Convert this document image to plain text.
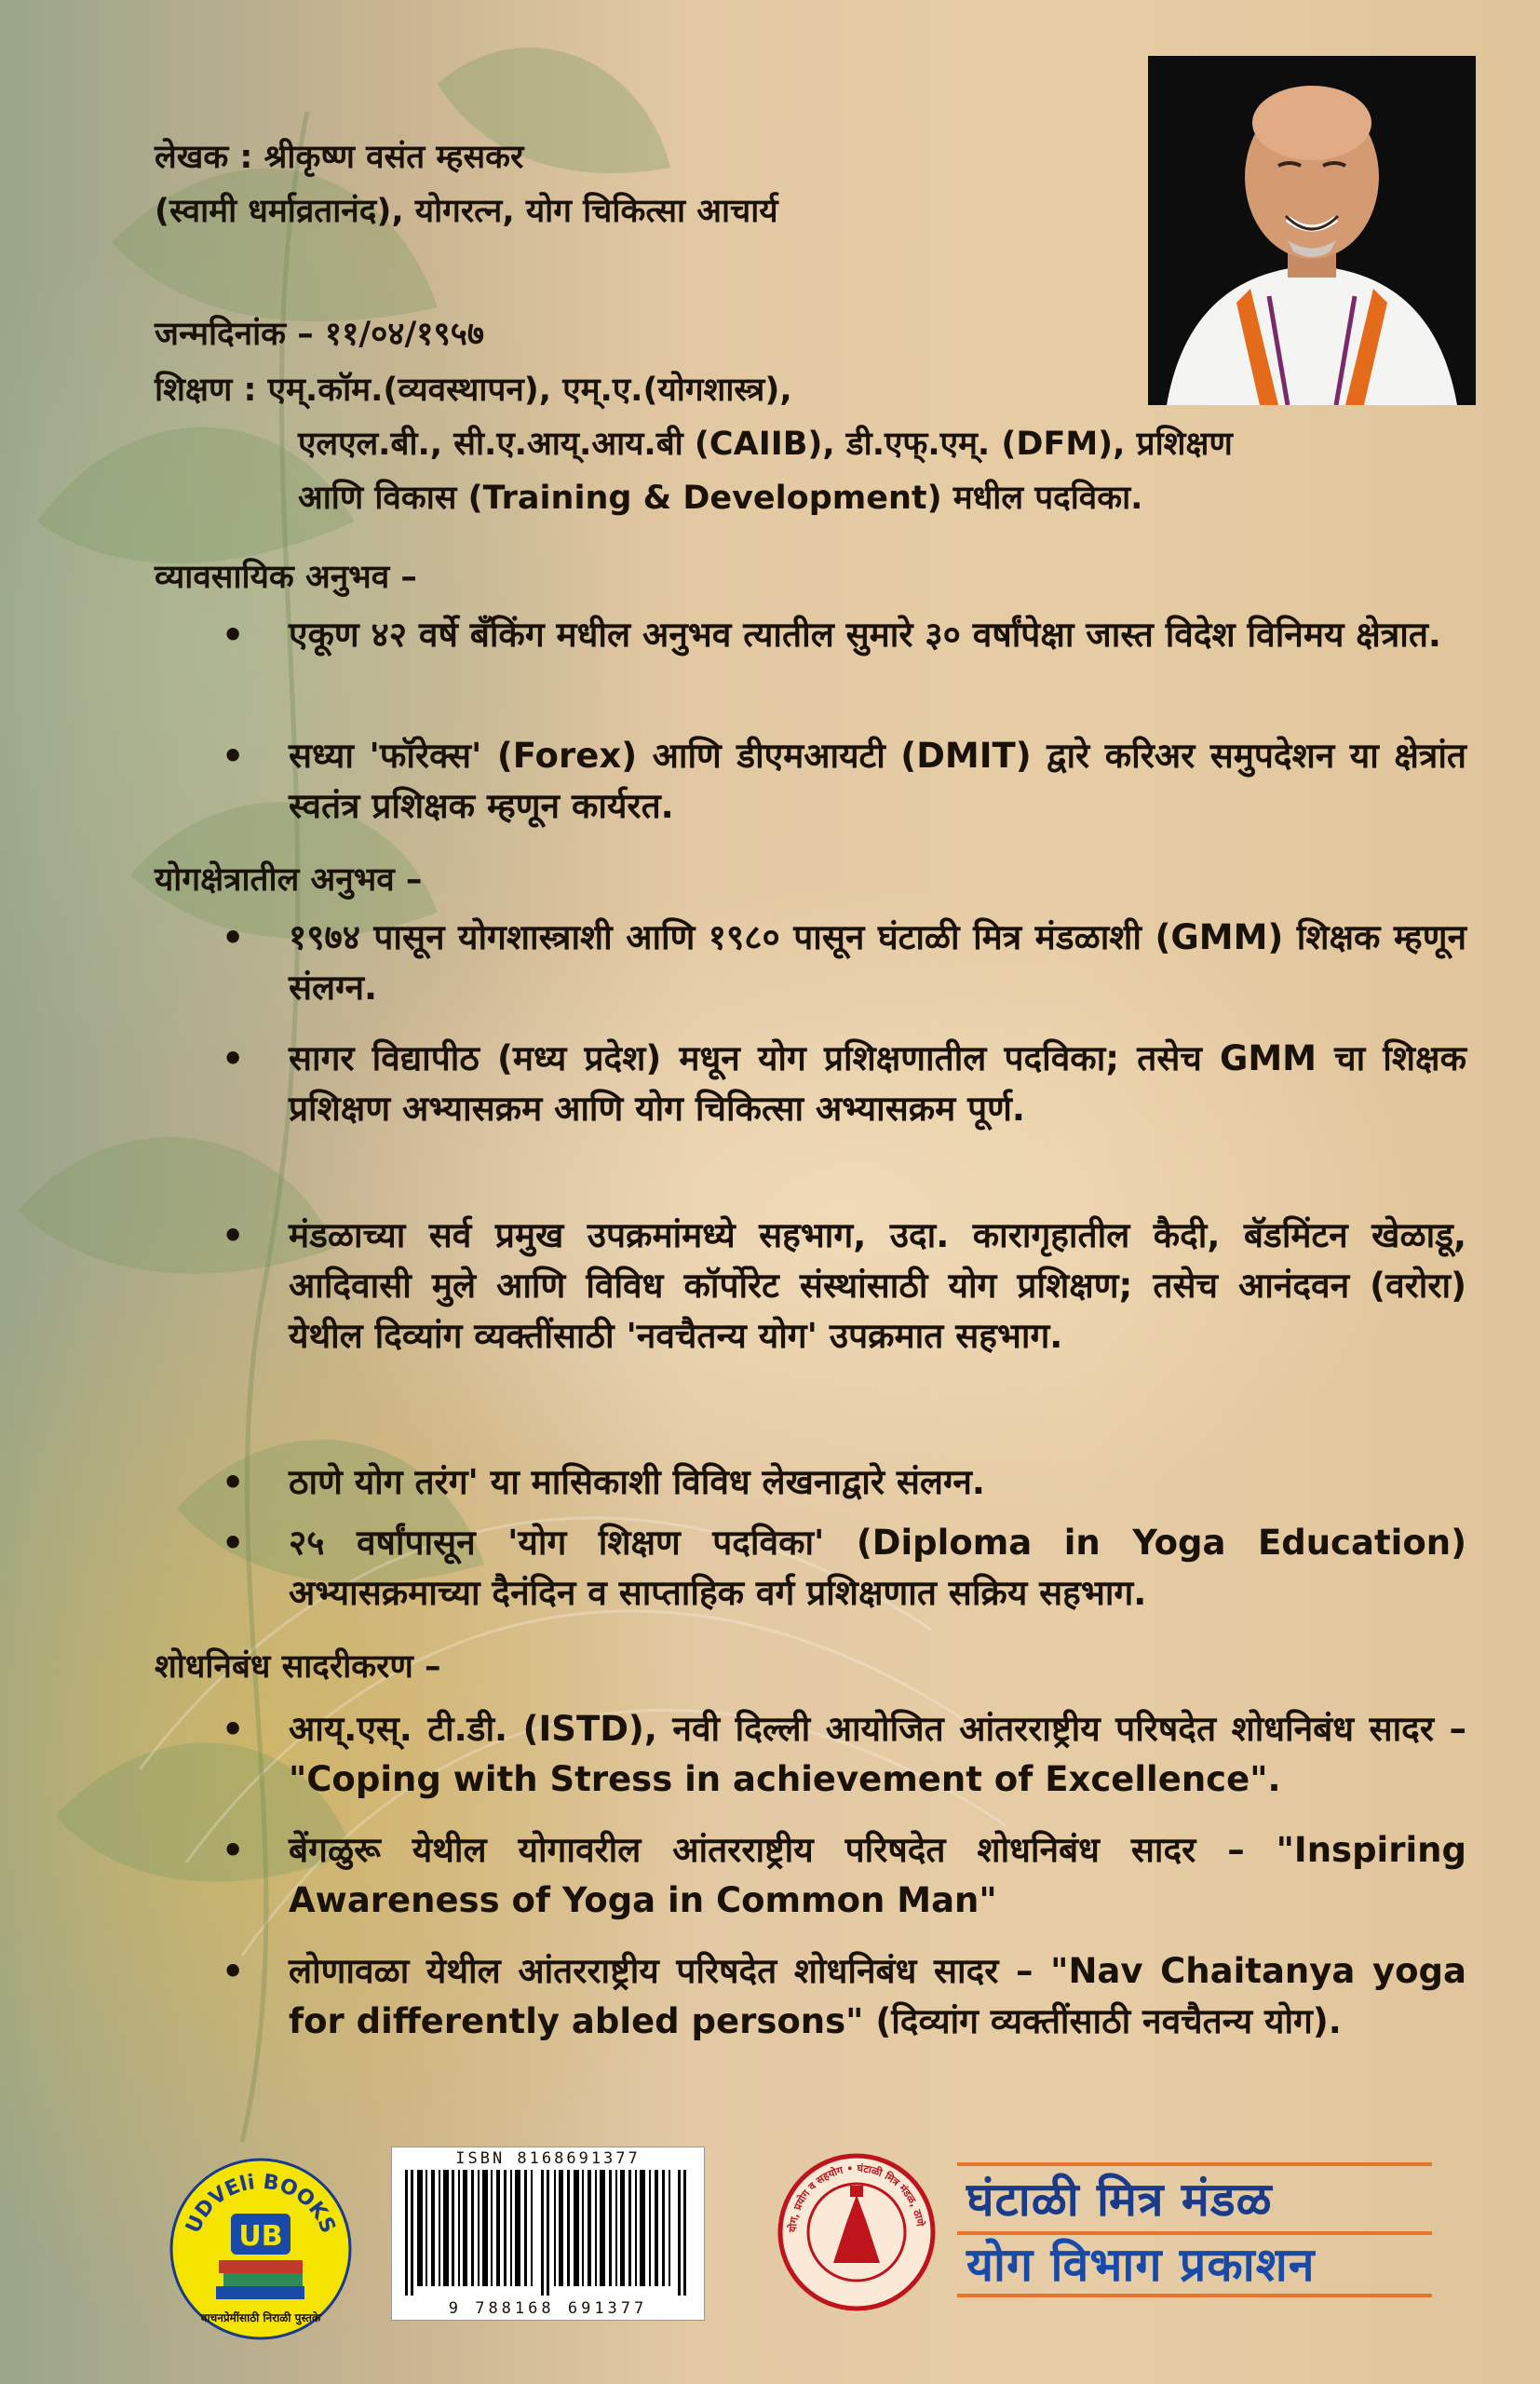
लेखक : श्रीकृष्ण वसंत म्हसकर

(स्वामी धर्माव्रतानंद), योगरत्न, योग चिकित्सा आचार्य

जन्मदिनांक – ११/०४/१९५७

शिक्षण : एम्.कॉम.(व्यवस्थापन), एम्.ए.(योगशास्त्र),

एलएल.बी., सी.ए.आय्.आय.बी (CAIIB), डी.एफ्.एम्. (DFM), प्रशिक्षण

आणि विकास (Training & Development) मधील पदविका.

व्यावसायिक अनुभव –

• एकूण ४२ वर्षे बँकिंग मधील अनुभव त्यातील सुमारे ३० वर्षांपेक्षा जास्त विदेश विनिमय क्षेत्रात.

• सध्या 'फॉरेक्स' (Forex) आणि डीएमआयटी (DMIT) द्वारे करिअर समुपदेशन या क्षेत्रांत स्वतंत्र प्रशिक्षक म्हणून कार्यरत.

योगक्षेत्रातील अनुभव –

• १९७४ पासून योगशास्त्राशी आणि १९८० पासून घंटाळी मित्र मंडळाशी (GMM) शिक्षक म्हणून संलग्न.

• सागर विद्यापीठ (मध्य प्रदेश) मधून योग प्रशिक्षणातील पदविका; तसेच GMM चा शिक्षक प्रशिक्षण अभ्यासक्रम आणि योग चिकित्सा अभ्यासक्रम पूर्ण.

• मंडळाच्या सर्व प्रमुख उपक्रमांमध्ये सहभाग, उदा. कारागृहातील कैदी, बॅडमिंटन खेळाडू, आदिवासी मुले आणि विविध कॉर्पोरेट संस्थांसाठी योग प्रशिक्षण; तसेच आनंदवन (वरोरा) येथील दिव्यांग व्यक्तींसाठी 'नवचैतन्य योग' उपक्रमात सहभाग.

• ठाणे योग तरंग' या मासिकाशी विविध लेखनाद्वारे संलग्न.

• २५ वर्षांपासून 'योग शिक्षण पदविका' (Diploma in Yoga Education) अभ्यासक्रमाच्या दैनंदिन व साप्ताहिक वर्ग प्रशिक्षणात सक्रिय सहभाग.

शोधनिबंध सादरीकरण –

• आय्.एस्. टी.डी. (ISTD), नवी दिल्ली आयोजित आंतरराष्ट्रीय परिषदेत शोधनिबंध सादर – "Coping with Stress in achievement of Excellence".

• बेंगळुरू येथील योगावरील आंतरराष्ट्रीय परिषदेत शोधनिबंध सादर – "Inspiring Awareness of Yoga in Common Man"

• लोणावळा येथील आंतरराष्ट्रीय परिषदेत शोधनिबंध सादर – "Nav Chaitanya yoga for differently abled persons" (दिव्यांग व्यक्तींसाठी नवचैतन्य योग).

UDVEli BOOKS
UB
वाचनप्रेमींसाठी निराळी पुस्तके
ISBN 8168691377
9 788168 691377
योग, प्रयोग व सहयोग • घंटाळी मित्र मंडळ, ठाणे घंटाळी मित्र मंडळ
योग विभाग प्रकाशन
